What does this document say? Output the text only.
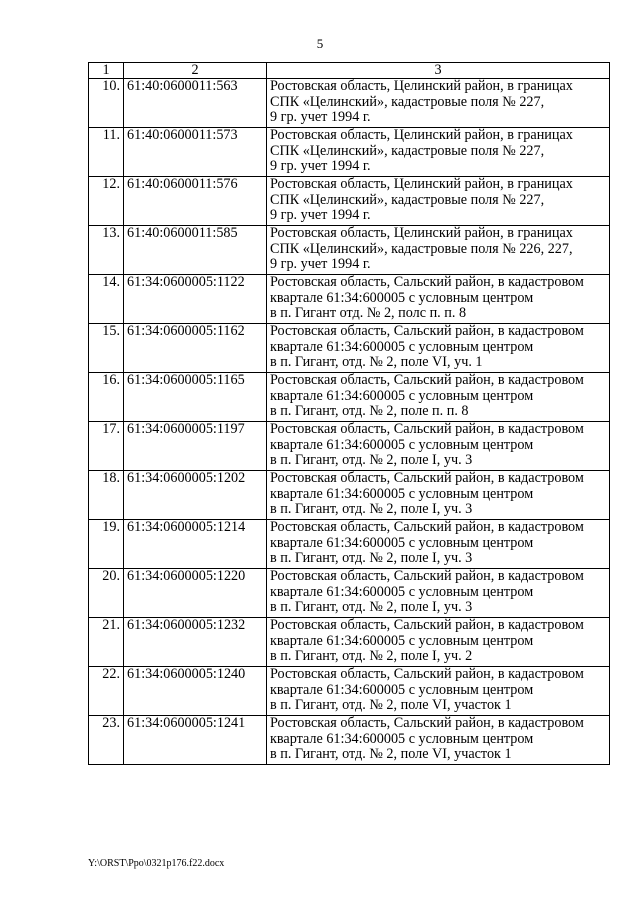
5
1	2	3
10.	61:40:0600011:563	Ростовская область, Целинский район, в границах
СПК «Целинский», кадастровые поля № 227,
9 гр. учет 1994 г.

11.	61:40:0600011:573	Ростовская область, Целинский район, в границах
СПК «Целинский», кадастровые поля № 227,
9 гр. учет 1994 г.

12.	61:40:0600011:576	Ростовская область, Целинский район, в границах
СПК «Целинский», кадастровые поля № 227,
9 гр. учет 1994 г.

13.	61:40:0600011:585	Ростовская область, Целинский район, в границах
СПК «Целинский», кадастровые поля № 226, 227,
9 гр. учет 1994 г.

14.	61:34:0600005:1122	Ростовская область, Сальский район, в кадастровом
квартале 61:34:600005 с условным центром
в п. Гигант отд. № 2, полс п. п. 8

15.	61:34:0600005:1162	Ростовская область, Сальский район, в кадастровом
квартале 61:34:600005 с условным центром
в п. Гигант, отд. № 2, поле VI, уч. 1

16.	61:34:0600005:1165	Ростовская область, Сальский район, в кадастровом
квартале 61:34:600005 с условным центром
в п. Гигант, отд. № 2, поле п. п. 8

17.	61:34:0600005:1197	Ростовская область, Сальский район, в кадастровом
квартале 61:34:600005 с условным центром
в п. Гигант, отд. № 2, поле I, уч. 3

18.	61:34:0600005:1202	Ростовская область, Сальский район, в кадастровом
квартале 61:34:600005 с условным центром
в п. Гигант, отд. № 2, поле I, уч. 3

19.	61:34:0600005:1214	Ростовская область, Сальский район, в кадастровом
квартале 61:34:600005 с условным центром
в п. Гигант, отд. № 2, поле I, уч. 3

20.	61:34:0600005:1220	Ростовская область, Сальский район, в кадастровом
квартале 61:34:600005 с условным центром
в п. Гигант, отд. № 2, поле I, уч. 3

21.	61:34:0600005:1232	Ростовская область, Сальский район, в кадастровом
квартале 61:34:600005 с условным центром
в п. Гигант, отд. № 2, поле I, уч. 2

22.	61:34:0600005:1240	Ростовская область, Сальский район, в кадастровом
квартале 61:34:600005 с условным центром
в п. Гигант, отд. № 2, поле VI, участок 1

23.	61:34:0600005:1241	Ростовская область, Сальский район, в кадастровом
квартале 61:34:600005 с условным центром
в п. Гигант, отд. № 2, поле VI, участок 1
Y:\ORST\Ppo\0321p176.f22.docx
